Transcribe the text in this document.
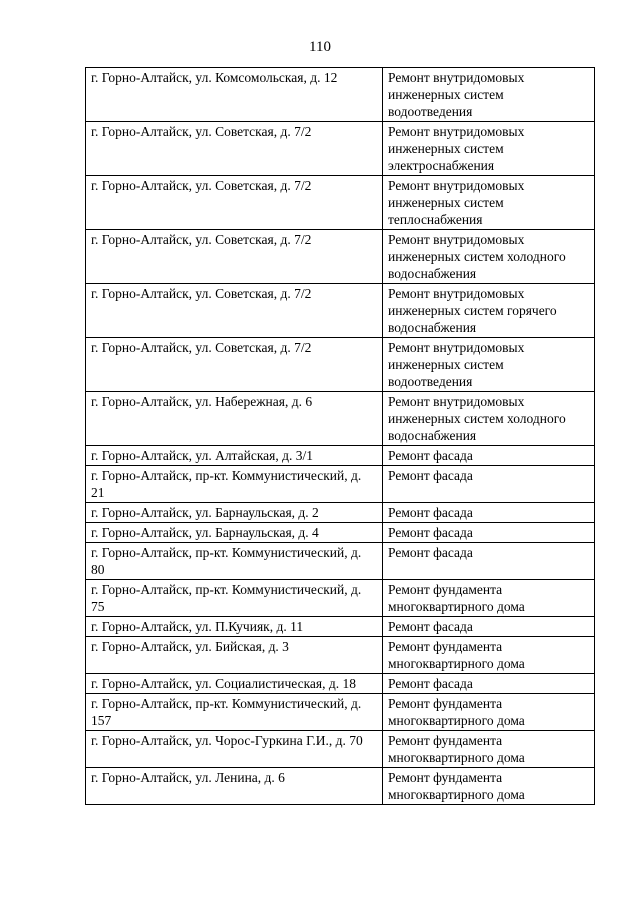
110
г. Горно-Алтайск, ул. Комсомольская, д. 12	Ремонт внутридомовых инженерных систем водоотведения
г. Горно-Алтайск, ул. Советская, д. 7/2	Ремонт внутридомовых инженерных систем электроснабжения
г. Горно-Алтайск, ул. Советская, д. 7/2	Ремонт внутридомовых инженерных систем теплоснабжения
г. Горно-Алтайск, ул. Советская, д. 7/2	Ремонт внутридомовых инженерных систем холодного водоснабжения
г. Горно-Алтайск, ул. Советская, д. 7/2	Ремонт внутридомовых инженерных систем горячего водоснабжения
г. Горно-Алтайск, ул. Советская, д. 7/2	Ремонт внутридомовых инженерных систем водоотведения
г. Горно-Алтайск, ул. Набережная, д. 6	Ремонт внутридомовых инженерных систем холодного водоснабжения
г. Горно-Алтайск, ул. Алтайская, д. 3/1	Ремонт фасада
г. Горно-Алтайск, пр-кт. Коммунистический, д. 21	Ремонт фасада
г. Горно-Алтайск, ул. Барнаульская, д. 2	Ремонт фасада
г. Горно-Алтайск, ул. Барнаульская, д. 4	Ремонт фасада
г. Горно-Алтайск, пр-кт. Коммунистический, д. 80	Ремонт фасада
г. Горно-Алтайск, пр-кт. Коммунистический, д. 75	Ремонт фундамента многоквартирного дома
г. Горно-Алтайск, ул. П.Кучияк, д. 11	Ремонт фасада
г. Горно-Алтайск, ул. Бийская, д. 3	Ремонт фундамента многоквартирного дома
г. Горно-Алтайск, ул. Социалистическая, д. 18	Ремонт фасада
г. Горно-Алтайск, пр-кт. Коммунистический, д. 157	Ремонт фундамента многоквартирного дома
г. Горно-Алтайск, ул. Чорос-Гуркина Г.И., д. 70	Ремонт фундамента многоквартирного дома
г. Горно-Алтайск, ул. Ленина, д. 6	Ремонт фундамента многоквартирного дома
